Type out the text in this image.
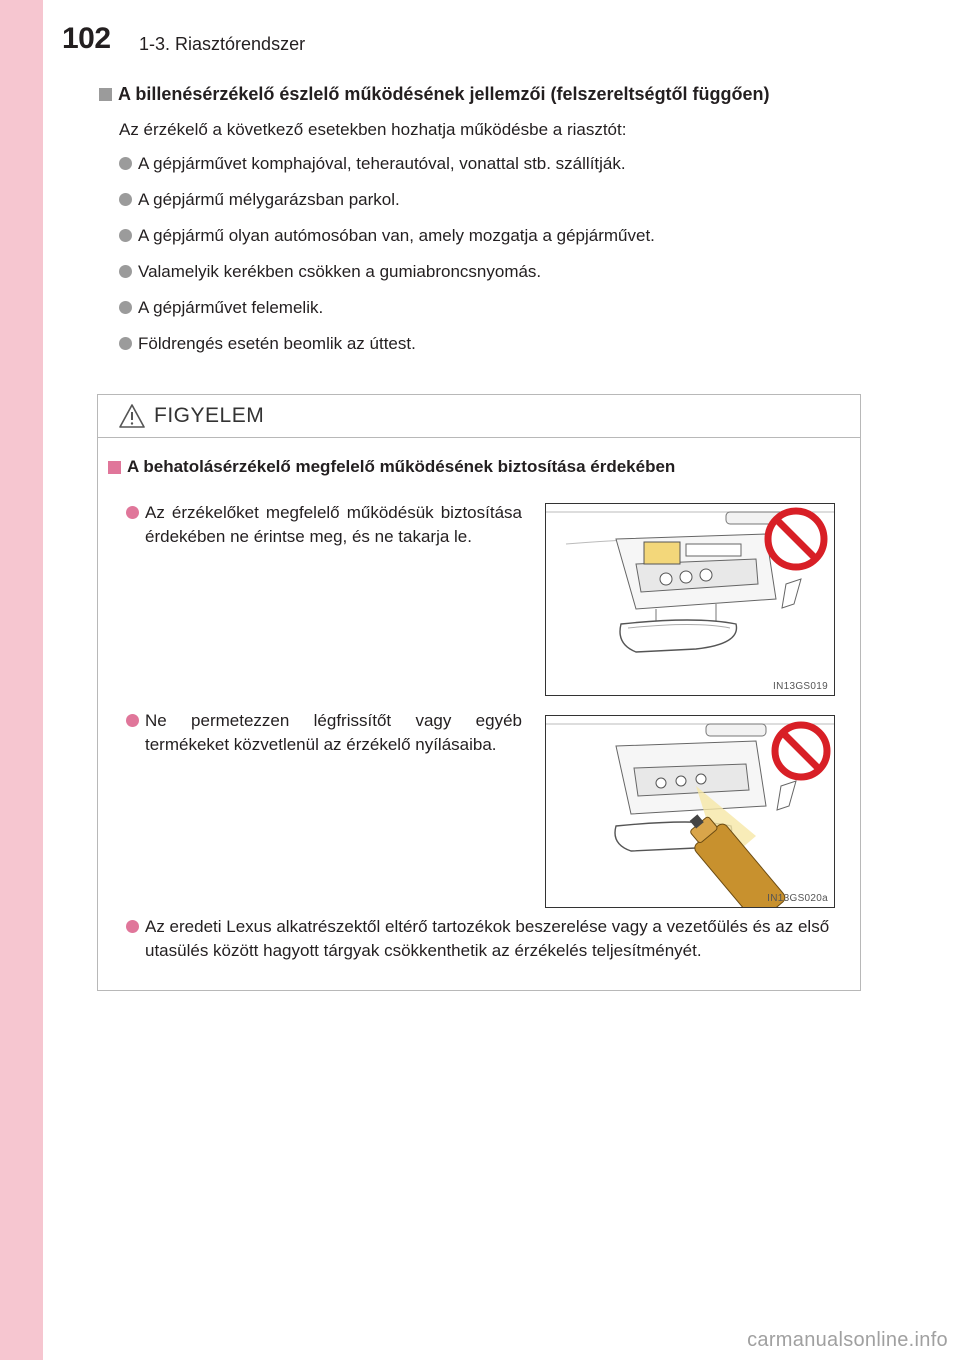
102 1-3. Riasztórendszer

A billenésérzékelő észlelő működésének jellemzői (felszereltségtől függően)

Az érzékelő a következő esetekben hozhatja működésbe a riasztót:

A gépjárművet komphajóval, teherautóval, vonattal stb. szállítják.
A gépjármű mélygarázsban parkol.
A gépjármű olyan autómosóban van, amely mozgatja a gépjárművet.
Valamelyik kerékben csökken a gumiabroncsnyomás.
A gépjárművet felemelik.
Földrengés esetén beomlik az úttest.
FIGYELEM
A behatolásérzékelő megfelelő működésének biztosítása érdekében
Az érzékelőket megfelelő működésük biztosítása érdekében ne érintse meg, és ne takarja le.
IN13GS019
Ne permetezzen légfrissítőt vagy egyéb termékeket közvetlenül az érzékelő nyílásaiba.
IN13GS020a
Az eredeti Lexus alkatrészektől eltérő tartozékok beszerelése vagy a vezetőülés és az első utasülés között hagyott tárgyak csökkenthetik az érzékelés teljesítményét.
carmanualsonline.info
